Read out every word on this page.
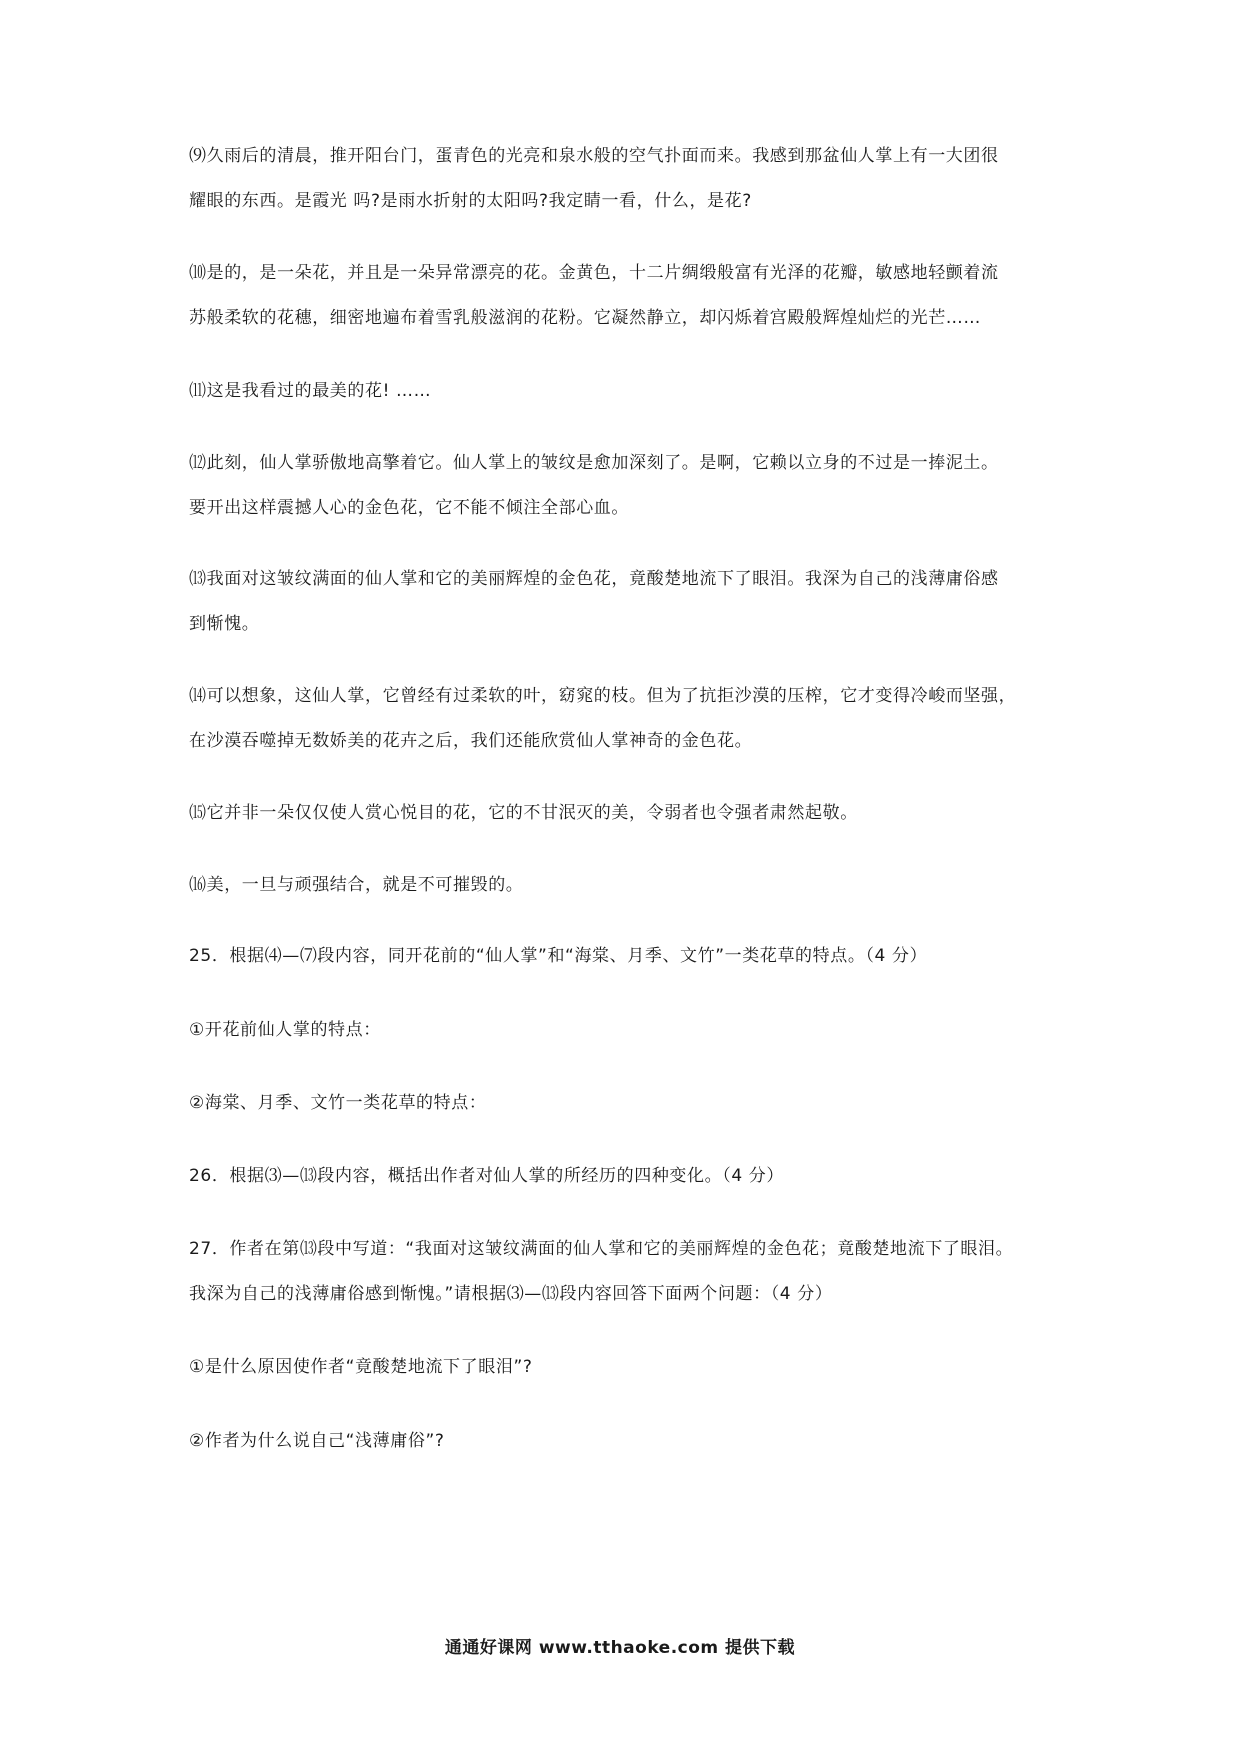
⑼久雨后的清晨，推开阳台门，蛋青色的光亮和泉水般的空气扑面而来。我感到那盆仙人掌上有一大团很
耀眼的东西。是霞光 吗?是雨水折射的太阳吗?我定睛一看，什么，是花?
⑽是的，是一朵花，并且是一朵异常漂亮的花。金黄色，十二片绸缎般富有光泽的花瓣，敏感地轻颤着流
苏般柔软的花穗，细密地遍布着雪乳般滋润的花粉。它凝然静立，却闪烁着宫殿般辉煌灿烂的光芒……
⑾这是我看过的最美的花! ……
⑿此刻，仙人掌骄傲地高擎着它。仙人掌上的皱纹是愈加深刻了。是啊，它赖以立身的不过是一捧泥土。
要开出这样震撼人心的金色花，它不能不倾注全部心血。
⒀我面对这皱纹满面的仙人掌和它的美丽辉煌的金色花，竟酸楚地流下了眼泪。我深为自己的浅薄庸俗感
到惭愧。
⒁可以想象，这仙人掌，它曾经有过柔软的叶，窈窕的枝。但为了抗拒沙漠的压榨，它才变得冷峻而坚强，
在沙漠吞噬掉无数娇美的花卉之后，我们还能欣赏仙人掌神奇的金色花。
⒂它并非一朵仅仅使人赏心悦目的花，它的不甘泯灭的美，令弱者也令强者肃然起敬。
⒃美，一旦与顽强结合，就是不可摧毁的。
25．根据⑷—⑺段内容，同开花前的“仙人掌”和“海棠、月季、文竹”一类花草的特点。（4 分）
①开花前仙人掌的特点：
②海棠、月季、文竹一类花草的特点：
26．根据⑶—⒀段内容，概括出作者对仙人掌的所经历的四种变化。（4 分）
27．作者在第⒀段中写道：“我面对这皱纹满面的仙人掌和它的美丽辉煌的金色花；竟酸楚地流下了眼泪。
我深为自己的浅薄庸俗感到惭愧。”请根据⑶—⒀段内容回答下面两个问题：（4 分）
①是什么原因使作者“竟酸楚地流下了眼泪”?
②作者为什么说自己“浅薄庸俗”?
通通好课网 www.tthaoke.com 提供下载
